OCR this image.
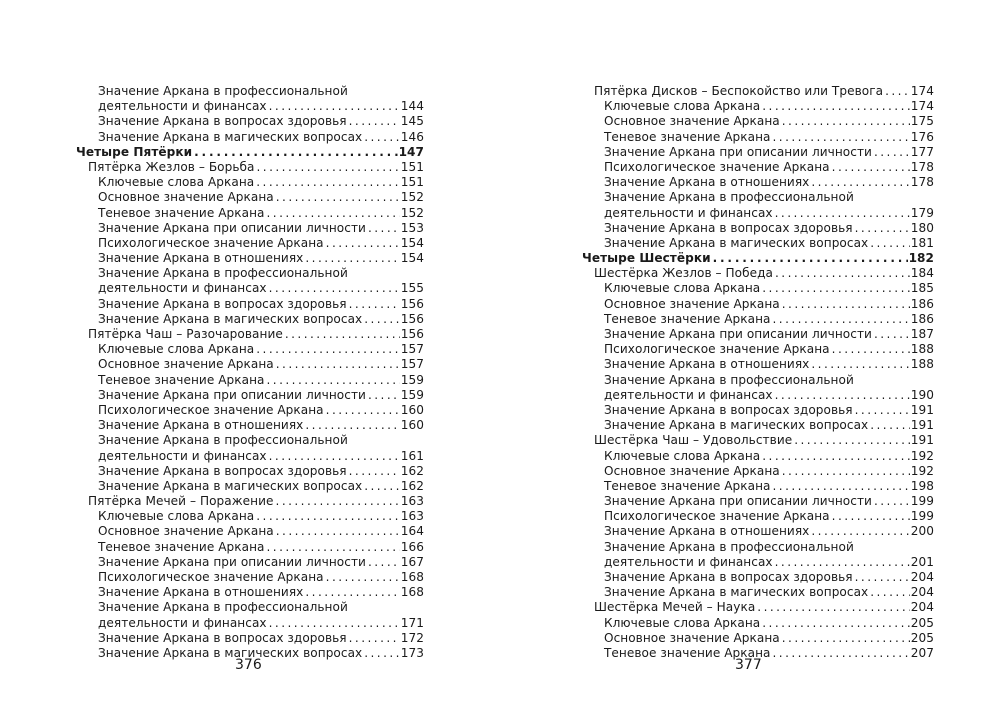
Значение Аркана в профессиональной
деятельности и финансах . . .	144
Значение Аркана в вопросах здоровья . . .	145
Значение Аркана в магических вопросах . . .	146
Четыре Пятёрки . . .	147
Пятёрка Жезлов – Борьба . . .	151
Ключевые слова Аркана . . .	151
Основное значение Аркана . . .	152
Теневое значение Аркана . . .	152
Значение Аркана при описании личности . . .	153
Психологическое значение Аркана . . .	154
Значение Аркана в отношениях . . .	154
Значение Аркана в профессиональной
деятельности и финансах . . .	155
Значение Аркана в вопросах здоровья . . .	156
Значение Аркана в магических вопросах . . .	156
Пятёрка Чаш – Разочарование . . .	156
Ключевые слова Аркана . . .	157
Основное значение Аркана . . .	157
Теневое значение Аркана . . .	159
Значение Аркана при описании личности . . .	159
Психологическое значение Аркана . . .	160
Значение Аркана в отношениях . . .	160
Значение Аркана в профессиональной
деятельности и финансах . . .	161
Значение Аркана в вопросах здоровья . . .	162
Значение Аркана в магических вопросах . . .	162
Пятёрка Мечей – Поражение . . .	163
Ключевые слова Аркана . . .	163
Основное значение Аркана . . .	164
Теневое значение Аркана . . .	166
Значение Аркана при описании личности . . .	167
Психологическое значение Аркана . . .	168
Значение Аркана в отношениях . . .	168
Значение Аркана в профессиональной
деятельности и финансах . . .	171
Значение Аркана в вопросах здоровья . . .	172
Значение Аркана в магических вопросах . . .	173
376
Пятёрка Дисков – Беспокойство или Тревога . . . 174
Ключевые слова Аркана . . .	174
Основное значение Аркана . . .	175
Теневое значение Аркана . . .	176
Значение Аркана при описании личности . . .	177
Психологическое значение Аркана . . .	178
Значение Аркана в отношениях . . .	178
Значение Аркана в профессиональной
деятельности и финансах . . .	179
Значение Аркана в вопросах здоровья . . .	180
Значение Аркана в магических вопросах . . .	181
Четыре Шестёрки . . .	182
Шестёрка Жезлов – Победа . . .	184
Ключевые слова Аркана . . .	185
Основное значение Аркана . . .	186
Теневое значение Аркана . . .	186
Значение Аркана при описании личности . . .	187
Психологическое значение Аркана . . .	188
Значение Аркана в отношениях . . .	188
Значение Аркана в профессиональной
деятельности и финансах . . .	190
Значение Аркана в вопросах здоровья . . .	191
Значение Аркана в магических вопросах . . .	191
Шестёрка Чаш – Удовольствие . . .	191
Ключевые слова Аркана . . .	192
Основное значение Аркана . . .	192
Теневое значение Аркана . . .	198
Значение Аркана при описании личности . . .	199
Психологическое значение Аркана . . .	199
Значение Аркана в отношениях . . .	200
Значение Аркана в профессиональной
деятельности и финансах . . .	201
Значение Аркана в вопросах здоровья . . .	204
Значение Аркана в магических вопросах . . .	204
Шестёрка Мечей – Наука . . .	204
Ключевые слова Аркана . . .	205
Основное значение Аркана . . .	205
Теневое значение Аркана . . .	207
377
